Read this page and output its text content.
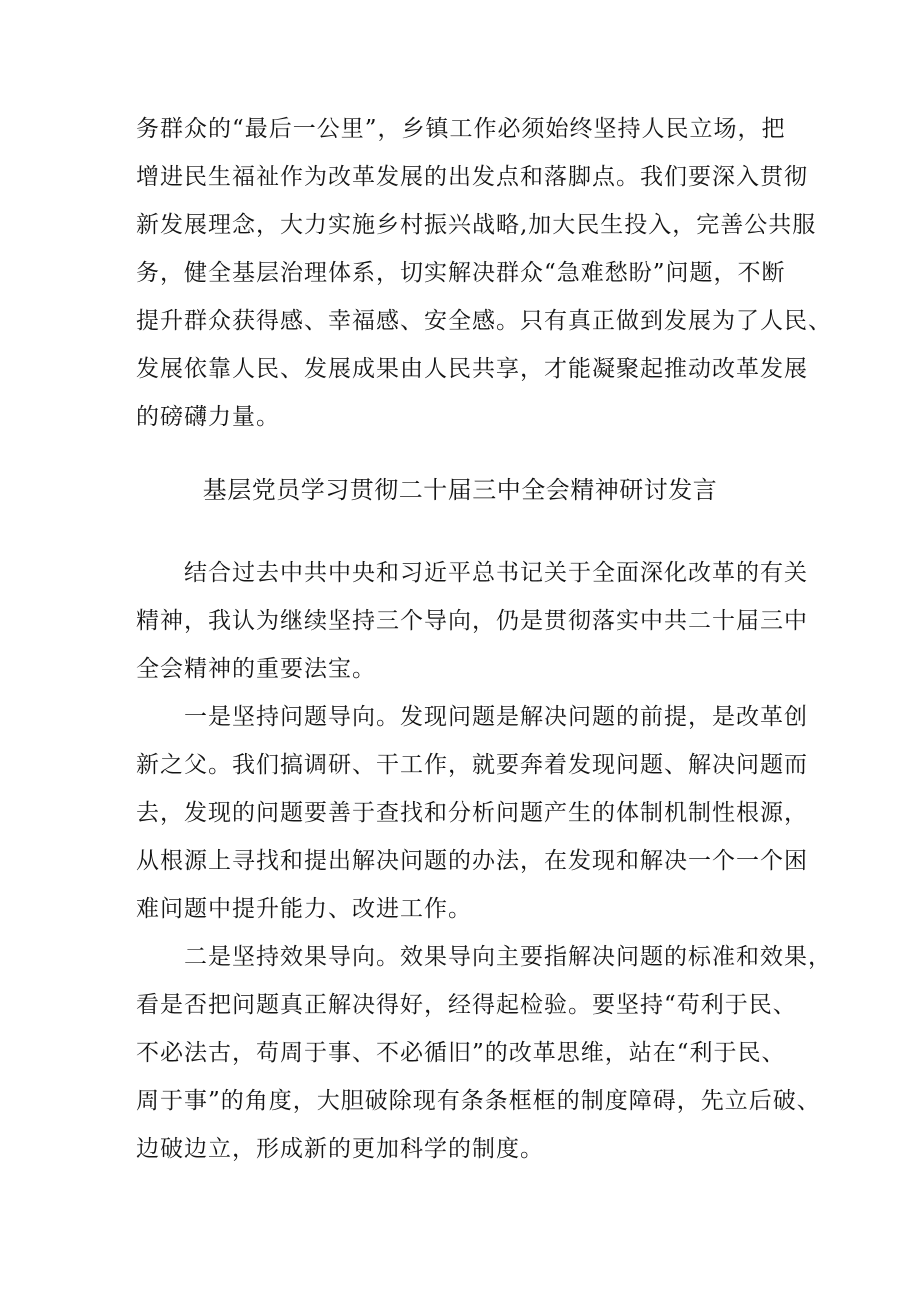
务群众的“最后一公里”，乡镇工作必须始终坚持人民立场，把
增进民生福祉作为改革发展的出发点和落脚点。我们要深入贯彻
新发展理念，大力实施乡村振兴战略,加大民生投入，完善公共服
务，健全基层治理体系，切实解决群众“急难愁盼”问题，不断
提升群众获得感、幸福感、安全感。只有真正做到发展为了人民、
发展依靠人民、发展成果由人民共享，才能凝聚起推动改革发展
的磅礴力量。
基层党员学习贯彻二十届三中全会精神研讨发言
结合过去中共中央和习近平总书记关于全面深化改革的有关
精神，我认为继续坚持三个导向，仍是贯彻落实中共二十届三中
全会精神的重要法宝。
一是坚持问题导向。发现问题是解决问题的前提，是改革创
新之父。我们搞调研、干工作，就要奔着发现问题、解决问题而
去，发现的问题要善于查找和分析问题产生的体制机制性根源，
从根源上寻找和提出解决问题的办法，在发现和解决一个一个困
难问题中提升能力、改进工作。
二是坚持效果导向。效果导向主要指解决问题的标准和效果，
看是否把问题真正解决得好，经得起检验。要坚持“苟利于民、
不必法古，苟周于事、不必循旧”的改革思维，站在“利于民、
周于事”的角度，大胆破除现有条条框框的制度障碍，先立后破、
边破边立，形成新的更加科学的制度。
